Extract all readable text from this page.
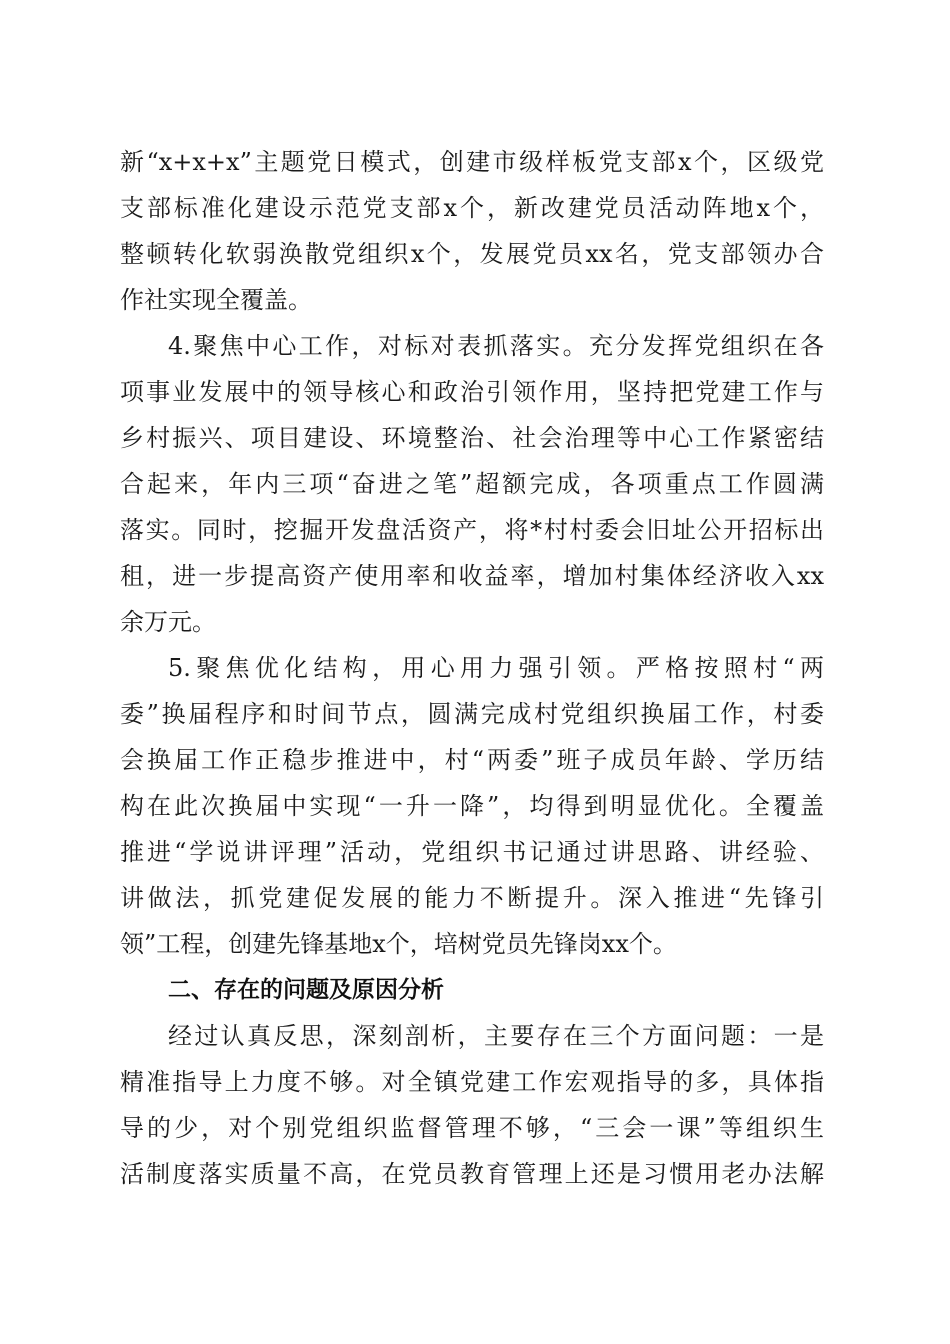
新“x+x+x”主题党日模式，创建市级样板党支部x个，区级党
支部标准化建设示范党支部x个，新改建党员活动阵地x个，
整顿转化软弱涣散党组织x个，发展党员xx名，党支部领办合
作社实现全覆盖。
4.聚焦中心工作，对标对表抓落实。充分发挥党组织在各
项事业发展中的领导核心和政治引领作用，坚持把党建工作与
乡村振兴、项目建设、环境整治、社会治理等中心工作紧密结
合起来，年内三项“奋进之笔”超额完成，各项重点工作圆满
落实。同时，挖掘开发盘活资产，将*村村委会旧址公开招标出
租，进一步提高资产使用率和收益率，增加村集体经济收入xx
余万元。
5.聚焦优化结构，用心用力强引领。严格按照村“两
委”换届程序和时间节点，圆满完成村党组织换届工作，村委
会换届工作正稳步推进中，村“两委”班子成员年龄、学历结
构在此次换届中实现“一升一降”，均得到明显优化。全覆盖
推进“学说讲评理”活动，党组织书记通过讲思路、讲经验、
讲做法，抓党建促发展的能力不断提升。深入推进“先锋引
领”工程，创建先锋基地x个，培树党员先锋岗xx个。
二、存在的问题及原因分析
经过认真反思，深刻剖析，主要存在三个方面问题：一是
精准指导上力度不够。对全镇党建工作宏观指导的多，具体指
导的少，对个别党组织监督管理不够，“三会一课”等组织生
活制度落实质量不高，在党员教育管理上还是习惯用老办法解
